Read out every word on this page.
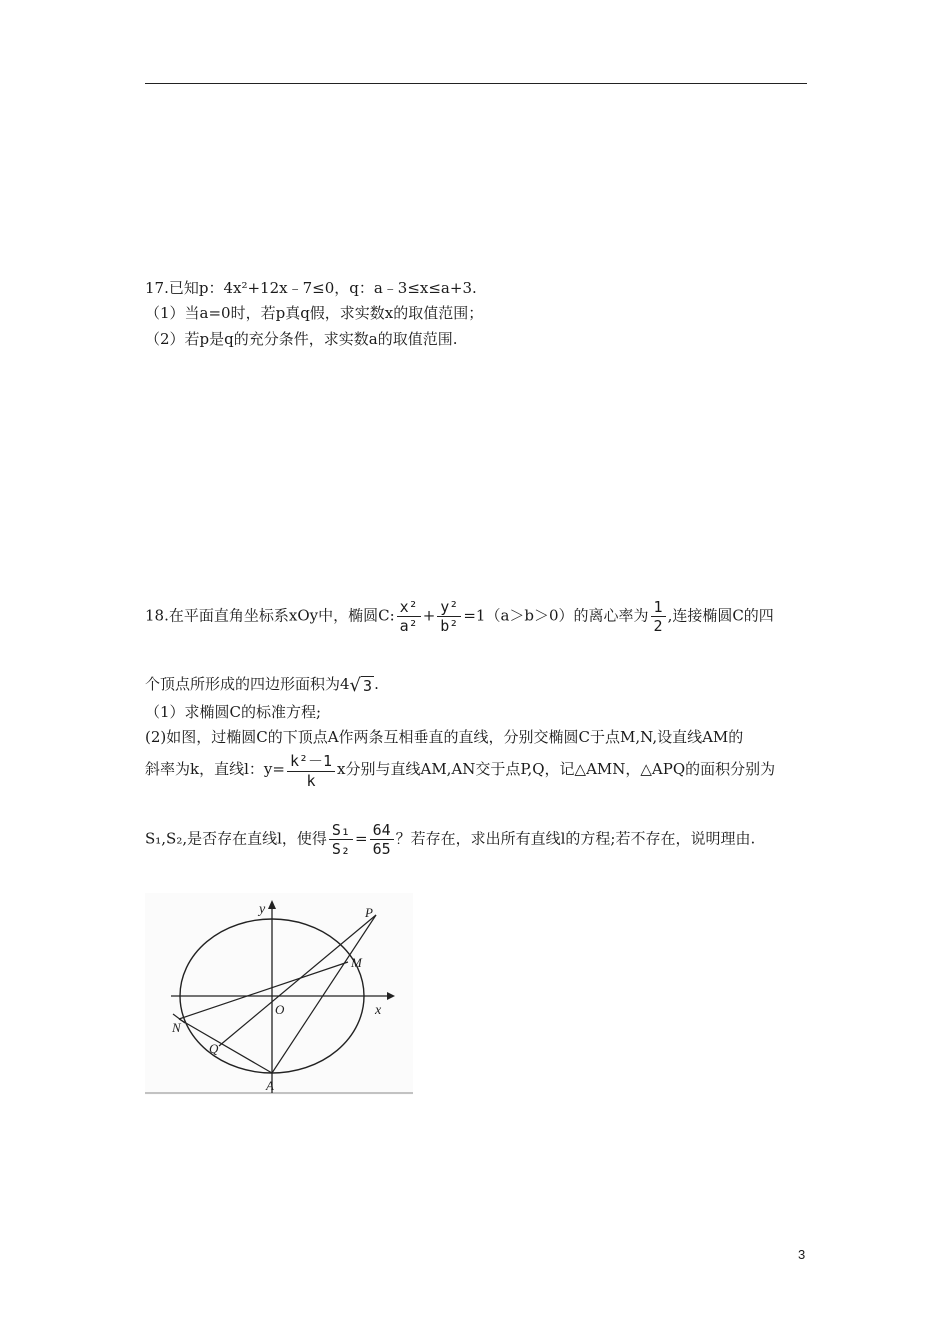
17.已知p：4x²+12x﹣7≤0，q：a﹣3≤x≤a+3.
（1）当a=0时，若p真q假，求实数x的取值范围；
（2）若p是q的充分条件，求实数a的取值范围.
18.在平面直角坐标系xOy中，椭圆C: $\frac{\text{x²}}{\text{a²}} + \frac{\text{y²}}{\text{b²}} =1(a>b>0)$的离心率为 $\frac{1}{2}$ ,连接椭圆C的四
个顶点所形成的四边形面积为4√ 3 .
（1）求椭圆C的标准方程;
(2)如图，过椭圆C的下顶点A作两条互相垂直的直线，分别交椭圆C于点M,N,设直线AM的
斜率为k，直线l：$y= \frac{\text{k²－1}}{k}$ x分别与直线AM,AN交于点P,Q，记△AMN，△APQ的面积分别为
S₁,S₂,是否存在直线l，使得 $\frac{\text{S₁}}{\text{S₂}} = \frac{64}{65}$ ？若存在，求出所有直线l的方程;若不存在，说明理由.
y
x
O
P
M
N
Q
A
3
